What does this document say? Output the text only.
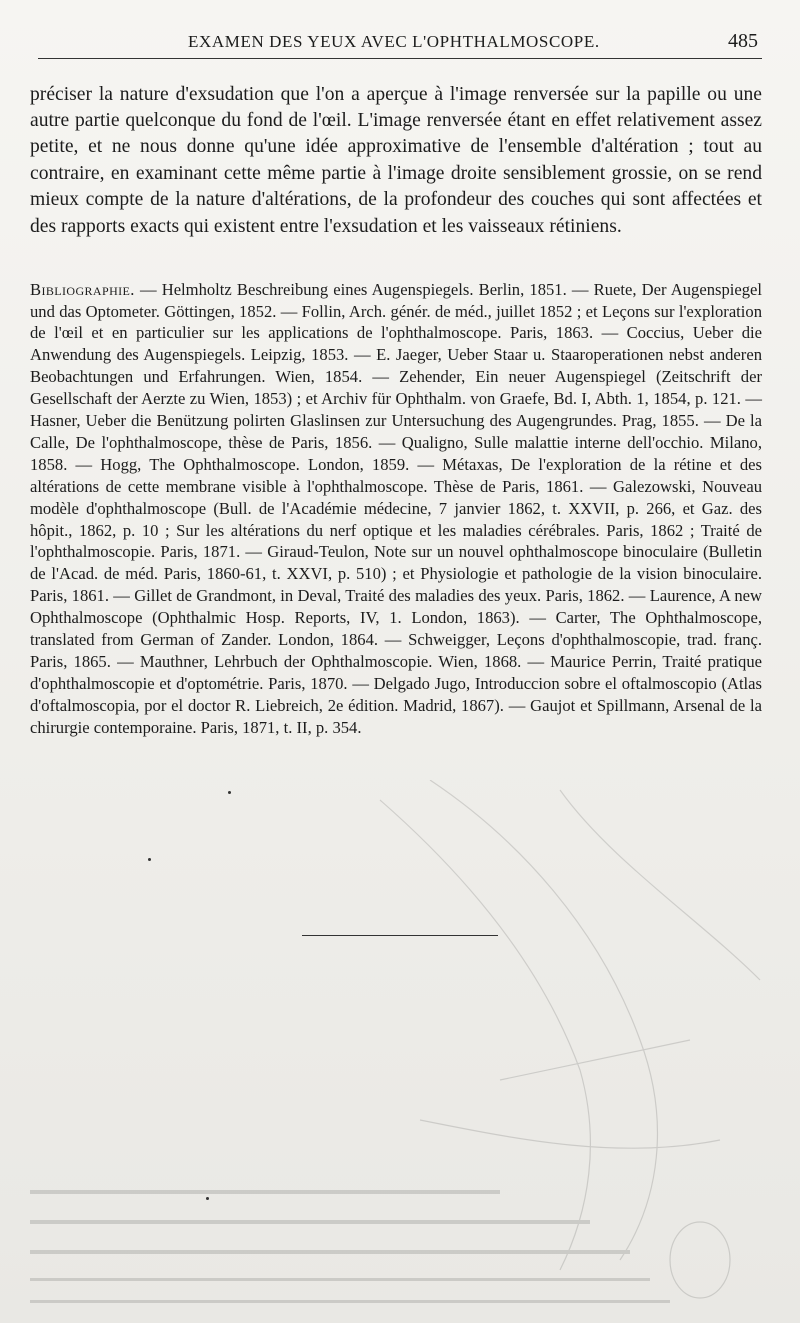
EXAMEN DES YEUX AVEC L'OPHTHALMOSCOPE.	485

préciser la nature d'exsudation que l'on a aperçue à l'image renversée sur la papille ou une autre partie quelconque du fond de l'œil. L'image renversée étant en effet relativement assez petite, et ne nous donne qu'une idée approximative de l'ensemble d'altération ; tout au contraire, en examinant cette même partie à l'image droite sensiblement grossie, on se rend mieux compte de la nature d'altérations, de la profondeur des couches qui sont affectées et des rapports exacts qui existent entre l'exsudation et les vaisseaux rétiniens.

Bibliographie. — Helmholtz Beschreibung eines Augenspiegels. Berlin, 1851. — Ruete, Der Augenspiegel und das Optometer. Göttingen, 1852. — Follin, Arch. génér. de méd., juillet 1852 ; et Leçons sur l'exploration de l'œil et en particulier sur les applications de l'ophthalmoscope. Paris, 1863. — Coccius, Ueber die Anwendung des Augenspiegels. Leipzig, 1853. — E. Jaeger, Ueber Staar u. Staaroperationen nebst anderen Beobachtungen und Erfahrungen. Wien, 1854. — Zehender, Ein neuer Augenspiegel (Zeitschrift der Gesellschaft der Aerzte zu Wien, 1853) ; et Archiv für Ophthalm. von Graefe, Bd. I, Abth. 1, 1854, p. 121. — Hasner, Ueber die Benützung polirten Glaslinsen zur Untersuchung des Augengrundes. Prag, 1855. — De la Calle, De l'ophthalmoscope, thèse de Paris, 1856. — Qualigno, Sulle malattie interne dell'occhio. Milano, 1858. — Hogg, The Ophthalmoscope. London, 1859. — Métaxas, De l'exploration de la rétine et des altérations de cette membrane visible à l'ophthalmoscope. Thèse de Paris, 1861. — Galezowski, Nouveau modèle d'ophthalmoscope (Bull. de l'Académie médecine, 7 janvier 1862, t. XXVII, p. 266, et Gaz. des hôpit., 1862, p. 10 ; Sur les altérations du nerf optique et les maladies cérébrales. Paris, 1862 ; Traité de l'ophthalmoscopie. Paris, 1871. — Giraud-Teulon, Note sur un nouvel ophthalmoscope binoculaire (Bulletin de l'Acad. de méd. Paris, 1860-61, t. XXVI, p. 510) ; et Physiologie et pathologie de la vision binoculaire. Paris, 1861. — Gillet de Grandmont, in Deval, Traité des maladies des yeux. Paris, 1862. — Laurence, A new Ophthalmoscope (Ophthalmic Hosp. Reports, IV, 1. London, 1863). — Carter, The Ophthalmoscope, translated from German of Zander. London, 1864. — Schweigger, Leçons d'ophthalmoscopie, trad. franç. Paris, 1865. — Mauthner, Lehrbuch der Ophthalmoscopie. Wien, 1868. — Maurice Perrin, Traité pratique d'ophthalmoscopie et d'optométrie. Paris, 1870. — Delgado Jugo, Introduccion sobre el oftalmoscopio (Atlas d'oftalmoscopia, por el doctor R. Liebreich, 2e édition. Madrid, 1867). — Gaujot et Spillmann, Arsenal de la chirurgie contemporaine. Paris, 1871, t. II, p. 354.
